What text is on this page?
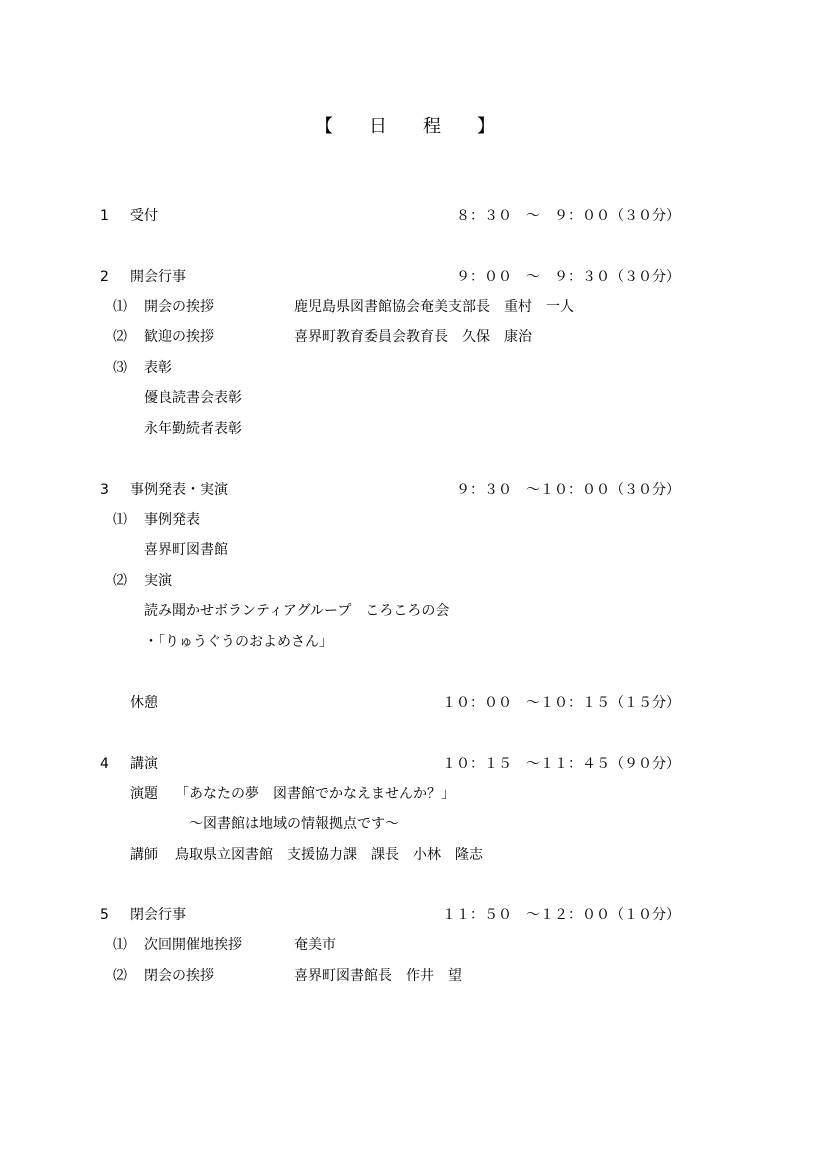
【　　日　　程　　】
1 受付	８：３０　～　９：００（３０分）
2 開会行事	９：００　～　９：３０（３０分）
⑴ 開会の挨拶	鹿児島県図書館協会奄美支部長　重村　一人
⑵ 歓迎の挨拶	喜界町教育委員会教育長　久保　康治
⑶ 表彰
優良読書会表彰
永年勤続者表彰
3 事例発表・実演	９：３０　～１０：００（３０分）
⑴ 事例発表
喜界町図書館
⑵ 実演
読み聞かせボランティアグループ　ころころの会
・「りゅうぐうのおよめさん」
休憩	１０：００　～１０：１５（１５分）
4 講演	１０：１５　～１１：４５（９０分）
演題 「あなたの夢　図書館でかなえませんか？」
～図書館は地域の情報拠点です～
講師 鳥取県立図書館　支援協力課　課長　小林　隆志
5 閉会行事	１１：５０　～１２：００（１０分）
⑴ 次回開催地挨拶	奄美市
⑵ 閉会の挨拶	喜界町図書館長　作井　望
